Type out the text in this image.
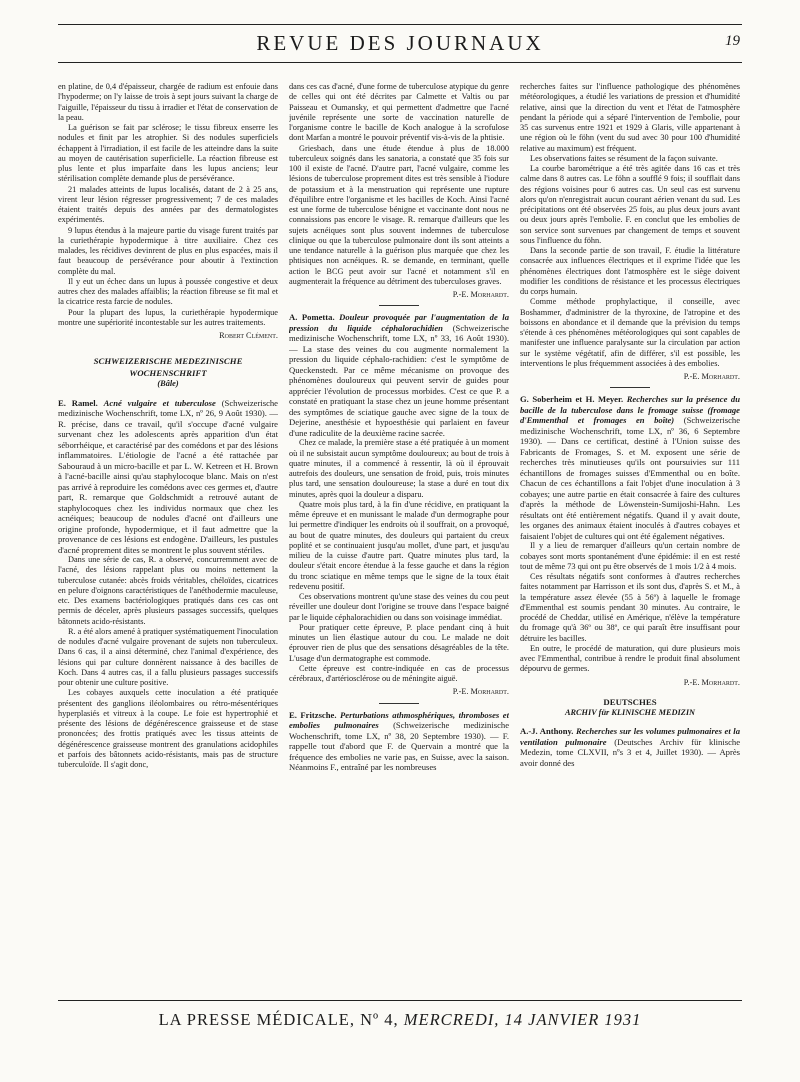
REVUE DES JOURNAUX	19

en platine, de 0,4 d'épaisseur, chargée de radium est enfouie dans l'hypoderme; on l'y laisse de trois à sept jours suivant la charge de l'aiguille, l'épaisseur du tissu à irradier et l'état de conservation de la peau.

La guérison se fait par sclérose; le tissu fibreux enserre les nodules et finit par les atrophier. Si des nodules superficiels échappent à l'irradiation, il est facile de les atteindre dans la suite au moyen de cautérisation superficielle. La réaction fibreuse est plus lente et plus imparfaite dans les lupus anciens; leur stérilisation complète demande plus de persévérance.

21 malades atteints de lupus localisés, datant de 2 à 25 ans, virent leur lésion régresser progressivement; 7 de ces malades étaient traités depuis des années par des dermatologistes expérimentés.

9 lupus étendus à la majeure partie du visage furent traités par la curiethérapie hypodermique à titre auxiliaire. Chez ces malades, les récidives devinrent de plus en plus espacées, mais il faut beaucoup de persévérance pour aboutir à l'extinction complète du mal.

Il y eut un échec dans un lupus à poussée congestive et deux autres chez des malades affaiblis; la réaction fibreuse se fit mal et la cicatrice resta farcie de nodules.

Pour la plupart des lupus, la curiethérapie hypodermique montre une supériorité incontestable sur les autres traitements.

Robert Clément.
SCHWEIZERISCHE MEDEZINISCHE WOCHENSCHRIFT
(Bâle)

E. Ramel. Acné vulgaire et tuberculose (Schweizerische medizinische Wochenschrift, tome LX, nº 26, 9 Août 1930). — R. précise, dans ce travail, qu'il s'occupe d'acné vulgaire survenant chez les adolescents après apparition d'un état séborrhéique, et caractérisé par des comédons et par des lésions inflammatoires. L'étiologie de l'acné a été rattachée par Sabouraud à un micro-bacille et par L. W. Ketreen et H. Brown à l'acné-bacille ainsi qu'au staphylocoque blanc. Mais on n'est pas arrivé à reproduire les comédons avec ces germes et, d'autre part, R. remarque que Goldschmidt a retrouvé autant de staphylocoques chez les individus normaux que chez les acnéiques; beaucoup de nodules d'acné ont d'ailleurs une origine profonde, hypodermique, et il faut admettre que la provenance de ces lésions est endogène. D'ailleurs, les pustules d'acné proprement dites se montrent le plus souvent stériles.

Dans une série de cas, R. a observé, concurremment avec de l'acné, des lésions rappelant plus ou moins nettement la tuberculose cutanée: abcès froids véritables, chéloïdes, cicatrices en pelure d'oignons caractéristiques de l'anéthodermie maculeuse, etc. Des examens bactériologiques pratiqués dans ces cas ont permis de déceler, après plusieurs passages successifs, quelques bâtonnets acido-résistants.

R. a été alors amené à pratiquer systématiquement l'inoculation de nodules d'acné vulgaire provenant de sujets non tuberculeux. Dans 6 cas, il a ainsi déterminé, chez l'animal d'expérience, des lésions qui par culture donnèrent naissance à des bacilles de Koch. Dans 4 autres cas, il a fallu plusieurs passages successifs pour obtenir une culture positive.

Les cobayes auxquels cette inoculation a été pratiquée présentent des ganglions iléolombaires ou rétro-mésentériques hyperplasiés et vitreux à la coupe. Le foie est hypertrophié et présente des lésions de dégénérescence graisseuse et de stase prononcées; des frottis pratiqués avec les tissus atteints de dégénérescence graisseuse montrent des granulations acidophiles et parfois des bâtonnets acido-résistants, mais pas de structure tuberculoïde. Il s'agit donc,

dans ces cas d'acné, d'une forme de tuberculose atypique du genre de celles qui ont été décrites par Calmette et Valtis ou par Paisseau et Oumansky, et qui permettent d'admettre que l'acné juvénile représente une sorte de vaccination naturelle de l'organisme contre le bacille de Koch analogue à la scrofulose dont Marfan a montré le pouvoir préventif vis-à-vis de la phtisie.

Griesbach, dans une étude étendue à plus de 18.000 tuberculeux soignés dans les sanatoria, a constaté que 35 fois sur 100 il existe de l'acné. D'autre part, l'acné vulgaire, comme les lésions de tuberculose proprement dites est très sensible à l'iodure de potassium et à la menstruation qui représente une rupture d'équilibre entre l'organisme et les bacilles de Koch. Ainsi l'acné est une forme de tuberculose bénigne et vaccinante dont nous ne connaissions pas encore le visage. R. remarque d'ailleurs que les sujets acnéiques sont plus souvent indemnes de tuberculose clinique ou que la tuberculose pulmonaire dont ils sont atteints a une tendance naturelle à la guérison plus marquée que chez les phtisiques non acnéiques. R. se demande, en terminant, quelle action le BCG peut avoir sur l'acné et notamment s'il en augmenterait la fréquence au détriment des tuberculoses graves.

P.-E. Morhardt.

A. Pometta. Douleur provoquée par l'augmentation de la pression du liquide céphalorachidien (Schweizerische medizinische Wochenschrift, tome LX, nº 33, 16 Août 1930). — La stase des veines du cou augmente normalement la pression du liquide céphalo-rachidien: c'est le symptôme de Queckenstedt. Par ce même mécanisme on provoque des phénomènes douloureux qui peuvent servir de guides pour apprécier l'évolution de processus morbides. C'est ce que P. a constaté en pratiquant la stase chez un jeune homme présentant des symptômes de sciatique gauche avec signe de la toux de Dejerine, anesthésie et hypoesthésie qui parlaient en faveur d'une radiculite de la deuxième racine sacrée.

Chez ce malade, la première stase a été pratiquée à un moment où il ne subsistait aucun symptôme douloureux; au bout de trois à quatre minutes, il a commencé à ressentir, là où il éprouvait autrefois des douleurs, une sensation de froid, puis, trois minutes plus tard, une sensation douloureuse; la stase a duré en tout dix minutes, après quoi la douleur a disparu.

Quatre mois plus tard, à la fin d'une récidive, en pratiquant la même épreuve et en munissant le malade d'un dermographe pour lui permettre d'indiquer les endroits où il souffrait, on a provoqué, au bout de quatre minutes, des douleurs qui partaient du creux poplité et se continuaient jusqu'au mollet, d'une part, et jusqu'au milieu de la cuisse d'autre part. Quatre minutes plus tard, la douleur s'était encore étendue à la fesse gauche et dans la région du tronc sciatique en même temps que le signe de la toux était redevenu positif.

Ces observations montrent qu'une stase des veines du cou peut réveiller une douleur dont l'origine se trouve dans l'espace baigné par le liquide céphalorachidien ou dans son voisinage immédiat.

Pour pratiquer cette épreuve, P. place pendant cinq à huit minutes un lien élastique autour du cou. Le malade ne doit éprouver rien de plus que des sensations désagréables de la tête. L'usage d'un dermatographe est commode.

Cette épreuve est contre-indiquée en cas de processus cérébraux, d'artériosclérose ou de méningite aiguë.

P.-E. Morhardt.

E. Fritzsche. Perturbations athmosphériques, thromboses et embolies pulmonaires (Schweizerische medizinische Wochenschrift, tome LX, nº 38, 20 Septembre 1930). — F. rappelle tout d'abord que F. de Quervain a montré que la fréquence des embolies ne varie pas, en Suisse, avec la saison. Néanmoins F., entraîné par les nombreuses

recherches faites sur l'influence pathologique des phénomènes météorologiques, a étudié les variations de pression et d'humidité relative, ainsi que la direction du vent et l'état de l'atmosphère pendant la période qui a séparé l'intervention de l'embolie, pour 35 cas survenus entre 1921 et 1929 à Glaris, ville appartenant à une région où le föhn (vent du sud avec 30 pour 100 d'humidité relative au maximum) est fréquent.

Les observations faites se résument de la façon suivante.

La courbe barométrique a été très agitée dans 16 cas et très calme dans 8 autres cas. Le föhn a soufflé 9 fois; il soufflait dans des régions voisines pour 6 autres cas. Un seul cas est survenu alors qu'on n'enregistrait aucun courant aérien venant du sud. Les précipitations ont été observées 25 fois, au plus deux jours avant ou deux jours après l'embolie. F. en conclut que les embolies de son service sont survenues par changement de temps et souvent sous l'influence du föhn.

Dans la seconde partie de son travail, F. étudie la littérature consacrée aux influences électriques et il exprime l'idée que les phénomènes électriques dont l'atmosphère est le siège doivent modifier les conditions de résistance et les processus électriques du corps humain.

Comme méthode prophylactique, il conseille, avec Boshammer, d'administrer de la thyroxine, de l'atropine et des boissons en abondance et il demande que la prévision du temps s'étende à ces phénomènes météorologiques qui sont capables de manifester une influence paralysante sur la circulation par action sur le système végétatif, afin de différer, s'il est possible, les interventions le plus fréquemment associées à des embolies.

P.-E. Morhardt.

G. Soberheim et H. Meyer. Recherches sur la présence du bacille de la tuberculose dans le fromage suisse (fromage d'Emmenthal et fromages en boîte) (Schweizerische medizinische Wochenschrift, tome LX, nº 36, 6 Septembre 1930). — Dans ce certificat, destiné à l'Union suisse des Fabricants de Fromages, S. et M. exposent une série de recherches très minutieuses qu'ils ont poursuivies sur 111 échantillons de fromages suisses d'Emmenthal ou en boîte. Chacun de ces échantillons a fait l'objet d'une inoculation à 3 cobayes; une autre partie en était consacrée à faire des cultures d'après la méthode de Löwenstein-Sumijoshi-Hahn. Les résultats ont été entièrement négatifs. Quand il y avait doute, les organes des animaux étaient inoculés à d'autres cobayes et faisaient l'objet de cultures qui ont été également négatives.

Il y a lieu de remarquer d'ailleurs qu'un certain nombre de cobayes sont morts spontanément d'une épidémie: il en est resté tout de même 73 qui ont pu être observés de 1 mois 1/2 à 4 mois.

Ces résultats négatifs sont conformes à d'autres recherches faites notamment par Harrisson et ils sont dus, d'après S. et M., à la température assez élevée (55 à 56º) à laquelle le fromage d'Emmenthal est soumis pendant 30 minutes. Au contraire, le procédé de Cheddar, utilisé en Amérique, n'élève la température du fromage qu'à 36º ou 38º, ce qui paraît être insuffisant pour détruire les bacilles.

En outre, le procédé de maturation, qui dure plusieurs mois avec l'Emmenthal, contribue à rendre le produit final absolument dépourvu de germes.

P.-E. Morhardt.
DEUTSCHES
ARCHIV für KLINISCHE MEDIZIN

A.-J. Anthony. Recherches sur les volumes pulmonaires et la ventilation pulmonaire (Deutsches Archiv für klinische Medezin, tome CLXVII, nºs 3 et 4, Juillet 1930). — Après avoir donné des

LA PRESSE MÉDICALE, Nº 4, MERCREDI, 14 JANVIER 1931
